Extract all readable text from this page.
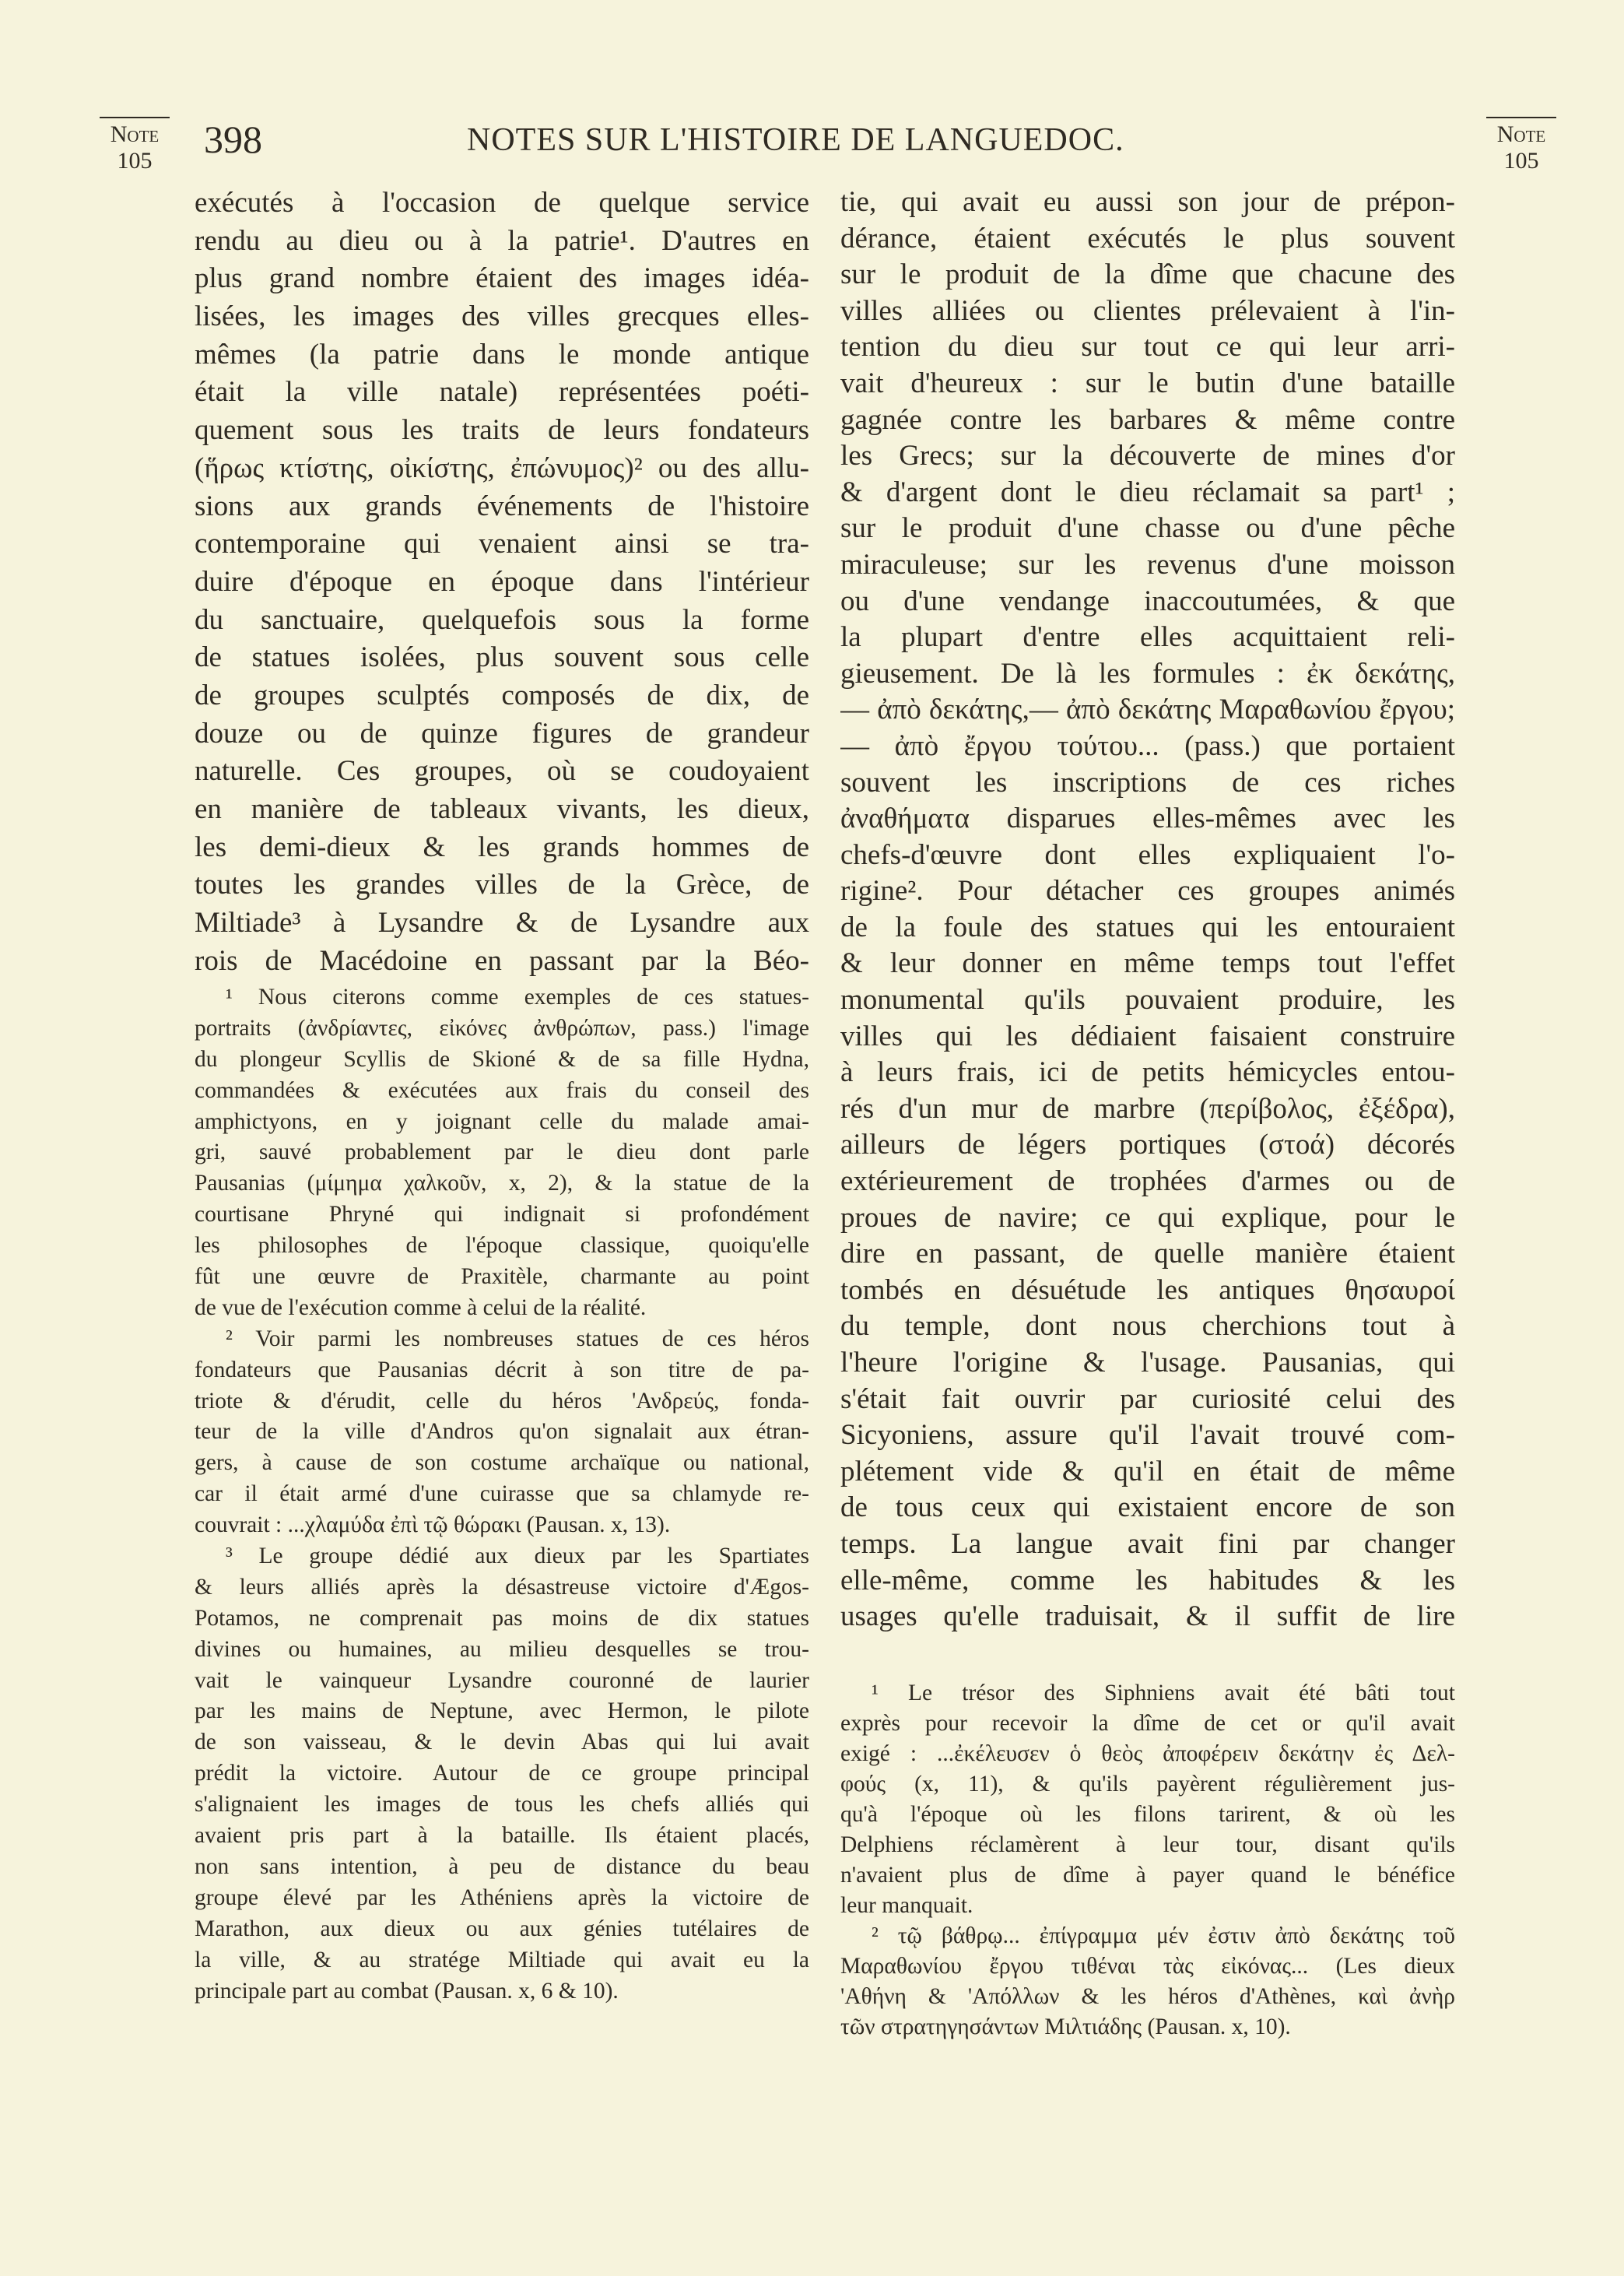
398	NOTES SUR L'HISTOIRE DE LANGUEDOC.
Note
105
Note
105
exécutés à l'occasion de quelque service
rendu au dieu ou à la patrie¹. D'autres en
plus grand nombre étaient des images idéa-
lisées, les images des villes grecques elles-
mêmes (la patrie dans le monde antique
était la ville natale) représentées poéti-
quement sous les traits de leurs fondateurs
(ἥρως κτίστης, οἰκίστης, ἐπώνυμος)² ou des allu-
sions aux grands événements de l'histoire
contemporaine qui venaient ainsi se tra-
duire d'époque en époque dans l'intérieur
du sanctuaire, quelquefois sous la forme
de statues isolées, plus souvent sous celle
de groupes sculptés composés de dix, de
douze ou de quinze figures de grandeur
naturelle. Ces groupes, où se coudoyaient
en manière de tableaux vivants, les dieux,
les demi-dieux & les grands hommes de
toutes les grandes villes de la Grèce, de
Miltiade³ à Lysandre & de Lysandre aux
rois de Macédoine en passant par la Béo-
tie, qui avait eu aussi son jour de prépon-
dérance, étaient exécutés le plus souvent
sur le produit de la dîme que chacune des
villes alliées ou clientes prélevaient à l'in-
tention du dieu sur tout ce qui leur arri-
vait d'heureux : sur le butin d'une bataille
gagnée contre les barbares & même contre
les Grecs; sur la découverte de mines d'or
& d'argent dont le dieu réclamait sa part¹ ;
sur le produit d'une chasse ou d'une pêche
miraculeuse; sur les revenus d'une moisson
ou d'une vendange inaccoutumées, & que
la plupart d'entre elles acquittaient reli-
gieusement. De là les formules : ἐκ δεκάτης,
— ἀπὸ δεκάτης,— ἀπὸ δεκάτης Μαραθωνίου ἔργου;
— ἀπὸ ἔργου τούτου... (pass.) que portaient
souvent les inscriptions de ces riches
ἀναθήματα disparues elles-mêmes avec les
chefs-d'œuvre dont elles expliquaient l'o-
rigine². Pour détacher ces groupes animés
de la foule des statues qui les entouraient
& leur donner en même temps tout l'effet
monumental qu'ils pouvaient produire, les
villes qui les dédiaient faisaient construire
à leurs frais, ici de petits hémicycles entou-
rés d'un mur de marbre (περίβολος, ἐξέδρα),
ailleurs de légers portiques (στοά) décorés
extérieurement de trophées d'armes ou de
proues de navire; ce qui explique, pour le
dire en passant, de quelle manière étaient
tombés en désuétude les antiques θησαυροί
du temple, dont nous cherchions tout à
l'heure l'origine & l'usage. Pausanias, qui
s'était fait ouvrir par curiosité celui des
Sicyoniens, assure qu'il l'avait trouvé com-
plétement vide & qu'il en était de même
de tous ceux qui existaient encore de son
temps. La langue avait fini par changer
elle-même, comme les habitudes & les
usages qu'elle traduisait, & il suffit de lire
¹ Nous citerons comme exemples de ces statues-
portraits (ἀνδρίαντες, εἰκόνες ἀνθρώπων, pass.) l'image
du plongeur Scyllis de Skioné & de sa fille Hydna,
commandées & exécutées aux frais du conseil des
amphictyons, en y joignant celle du malade amai-
gri, sauvé probablement par le dieu dont parle
Pausanias (μίμημα χαλκοῦν, x, 2), & la statue de la
courtisane Phryné qui indignait si profondément
les philosophes de l'époque classique, quoiqu'elle
fût une œuvre de Praxitèle, charmante au point
de vue de l'exécution comme à celui de la réalité.
² Voir parmi les nombreuses statues de ces héros
fondateurs que Pausanias décrit à son titre de pa-
triote & d'érudit, celle du héros 'Ανδρεύς, fonda-
teur de la ville d'Andros qu'on signalait aux étran-
gers, à cause de son costume archaïque ou national,
car il était armé d'une cuirasse que sa chlamyde re-
couvrait : ...χλαμύδα ἐπὶ τῷ θώρακι (Pausan. x, 13).
³ Le groupe dédié aux dieux par les Spartiates
& leurs alliés après la désastreuse victoire d'Ægos-
Potamos, ne comprenait pas moins de dix statues
divines ou humaines, au milieu desquelles se trou-
vait le vainqueur Lysandre couronné de laurier
par les mains de Neptune, avec Hermon, le pilote
de son vaisseau, & le devin Abas qui lui avait
prédit la victoire. Autour de ce groupe principal
s'alignaient les images de tous les chefs alliés qui
avaient pris part à la bataille. Ils étaient placés,
non sans intention, à peu de distance du beau
groupe élevé par les Athéniens après la victoire de
Marathon, aux dieux ou aux génies tutélaires de
la ville, & au stratége Miltiade qui avait eu la
principale part au combat (Pausan. x, 6 & 10).
¹ Le trésor des Siphniens avait été bâti tout
exprès pour recevoir la dîme de cet or qu'il avait
exigé : ...ἐκέλευσεν ὁ θεὸς ἀποφέρειν δεκάτην ἐς Δελ-
φούς (x, 11), & qu'ils payèrent régulièrement jus-
qu'à l'époque où les filons tarirent, & où les
Delphiens réclamèrent à leur tour, disant qu'ils
n'avaient plus de dîme à payer quand le bénéfice
leur manquait.
² τῷ βάθρῳ... ἐπίγραμμα μέν ἐστιν ἀπὸ δεκάτης τοῦ
Μαραθωνίου ἔργου τιθέναι τὰς εἰκόνας... (Les dieux
'Αθήνη & 'Απόλλων & les héros d'Athènes, καὶ ἀνὴρ
τῶν στρατηγησάντων Μιλτιάδης (Pausan. x, 10).
